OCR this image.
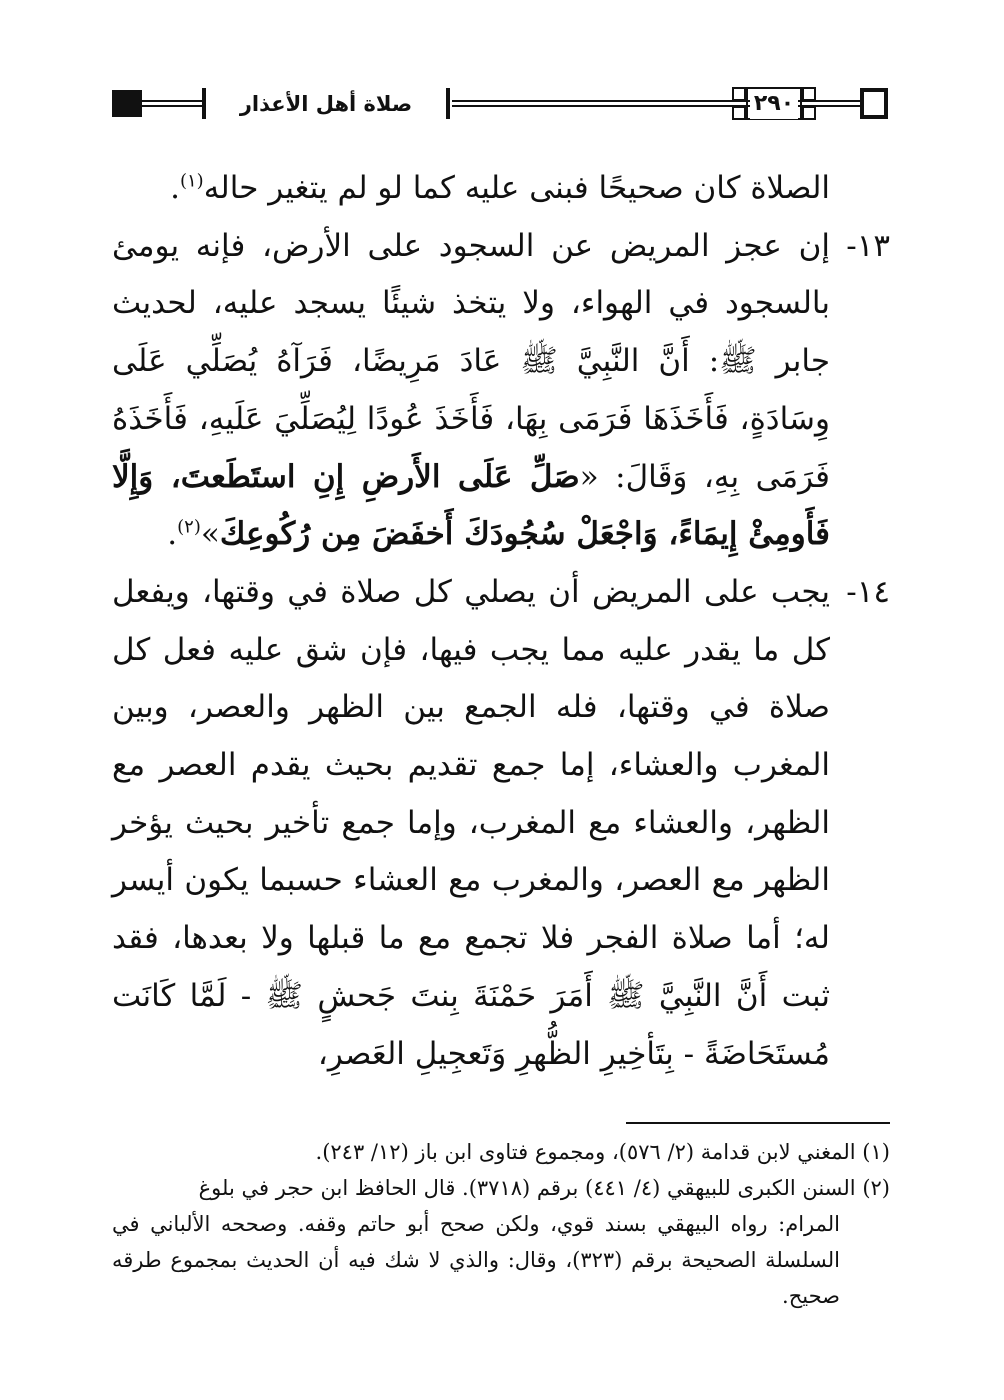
صلاة أهل الأعذار	٢٩٠

الصلاة كان صحيحًا فبنى عليه كما لو لم يتغير حاله$^{(١)}$.

١٣-
إن عجز المريض عن السجود على الأرض، فإنه يومئ بالسجود في الهواء، ولا يتخذ شيئًا يسجد عليه، لحديث جابر ﷺ: أَنَّ النَّبِيَّ ﷺ عَادَ مَرِيضًا، فَرَآهُ يُصَلِّي عَلَى وِسَادَةٍ، فَأَخَذَهَا فَرَمَى بِهَا، فَأَخَذَ عُودًا لِيُصَلِّيَ عَلَيهِ، فَأَخَذَهُ فَرَمَى بِهِ، وَقَالَ: «صَلِّ عَلَى الأَرضِ إِنِ استَطَعتَ، وَإِلَّا فَأَومِئْ إِيمَاءً، وَاجْعَلْ سُجُودَكَ أَخفَضَ مِن رُكُوعِكَ»$^{(٢)}$.
١٤-
يجب على المريض أن يصلي كل صلاة في وقتها، ويفعل كل ما يقدر عليه مما يجب فيها، فإن شق عليه فعل كل صلاة في وقتها، فله الجمع بين الظهر والعصر، وبين المغرب والعشاء، إما جمع تقديم بحيث يقدم العصر مع الظهر، والعشاء مع المغرب، وإما جمع تأخير بحيث يؤخر الظهر مع العصر، والمغرب مع العشاء حسبما يكون أيسر له؛ أما صلاة الفجر فلا تجمع مع ما قبلها ولا بعدها، فقد ثبت أَنَّ النَّبِيَّ ﷺ أَمَرَ حَمْنَةَ بِنتَ جَحشٍ ﷺ - لَمَّا كَانَت مُستَحَاضَةً - بِتَأخِيرِ الظُّهرِ وَتَعجِيلِ العَصرِ،

(١) المغني لابن قدامة (٢/ ٥٧٦)، ومجموع فتاوى ابن باز (١٢/ ٢٤٣).

(٢) السنن الكبرى للبيهقي (٤/ ٤٤١) برقم (٣٧١٨). قال الحافظ ابن حجر في بلوغ

المرام: رواه البيهقي بسند قوي، ولكن صحح أبو حاتم وقفه. وصححه الألباني في السلسلة الصحيحة برقم (٣٢٣)، وقال: والذي لا شك فيه أن الحديث بمجموع طرقه صحيح.
